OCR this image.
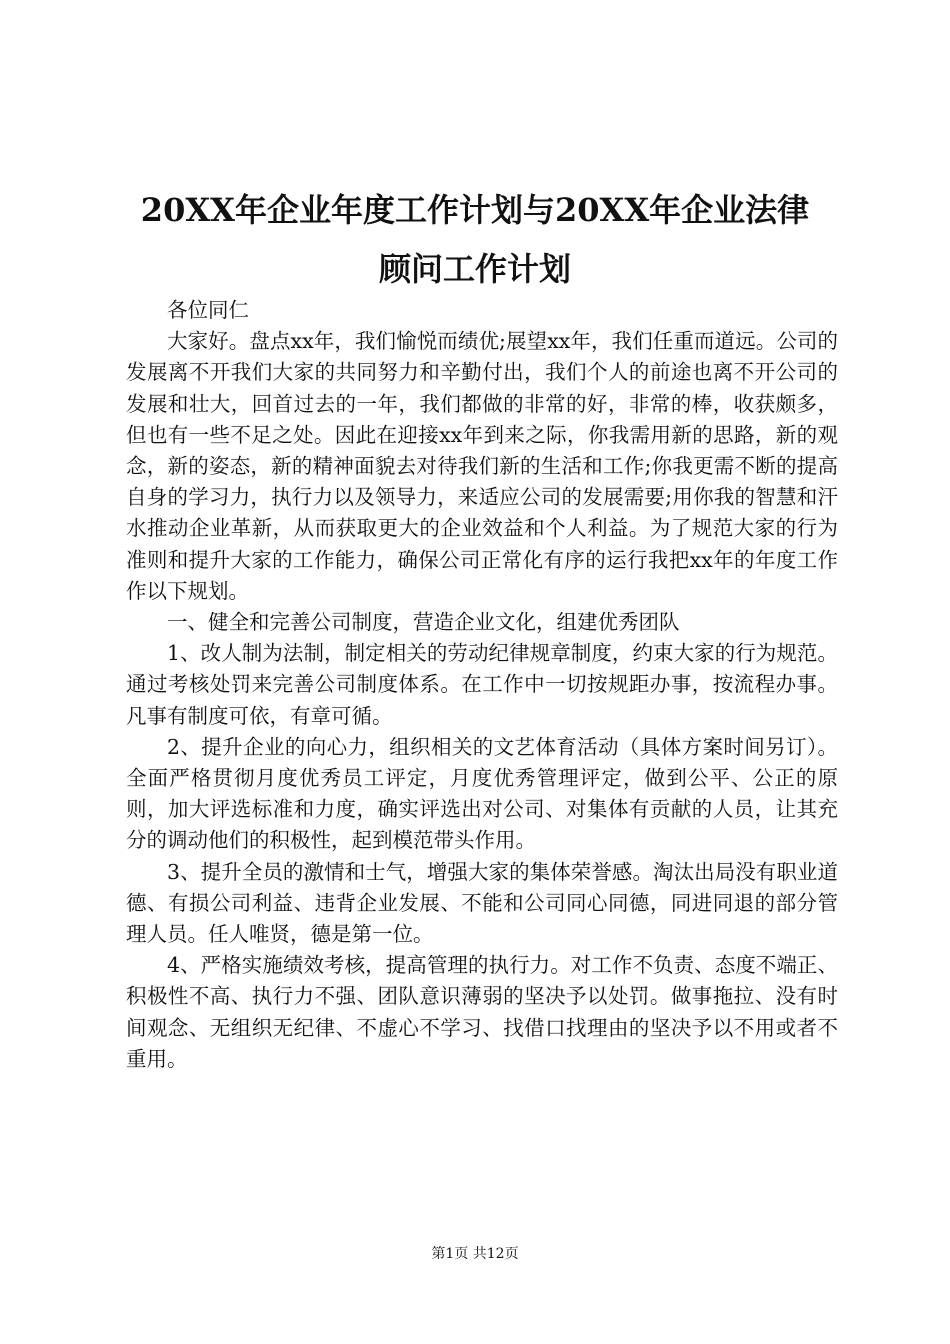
20XX年企业年度工作计划与20XX年企业法律
顾问工作计划

各位同仁

大家好。盘点xx年，我们愉悦而绩优;展望xx年，我们任重而道远。公司的发展离不开我们大家的共同努力和辛勤付出，我们个人的前途也离不开公司的发展和壮大，回首过去的一年，我们都做的非常的好，非常的棒，收获颇多，但也有一些不足之处。因此在迎接xx年到来之际，你我需用新的思路，新的观念，新的姿态，新的精神面貌去对待我们新的生活和工作;你我更需不断的提高自身的学习力，执行力以及领导力，来适应公司的发展需要;用你我的智慧和汗水推动企业革新，从而获取更大的企业效益和个人利益。为了规范大家的行为准则和提升大家的工作能力，确保公司正常化有序的运行我把xx年的年度工作作以下规划。

一、健全和完善公司制度，营造企业文化，组建优秀团队

1、改人制为法制，制定相关的劳动纪律规章制度，约束大家的行为规范。通过考核处罚来完善公司制度体系。在工作中一切按规距办事，按流程办事。凡事有制度可依，有章可循。

2、提升企业的向心力，组织相关的文艺体育活动（具体方案时间另订）。全面严格贯彻月度优秀员工评定，月度优秀管理评定，做到公平、公正的原则，加大评选标准和力度，确实评选出对公司、对集体有贡献的人员，让其充分的调动他们的积极性，起到模范带头作用。

3、提升全员的激情和士气，增强大家的集体荣誉感。淘汰出局没有职业道德、有损公司利益、违背企业发展、不能和公司同心同德，同进同退的部分管理人员。任人唯贤，德是第一位。

4、严格实施绩效考核，提高管理的执行力。对工作不负责、态度不端正、积极性不高、执行力不强、团队意识薄弱的坚决予以处罚。做事拖拉、没有时间观念、无组织无纪律、不虚心不学习、找借口找理由的坚决予以不用或者不重用。

第1页 共12页
